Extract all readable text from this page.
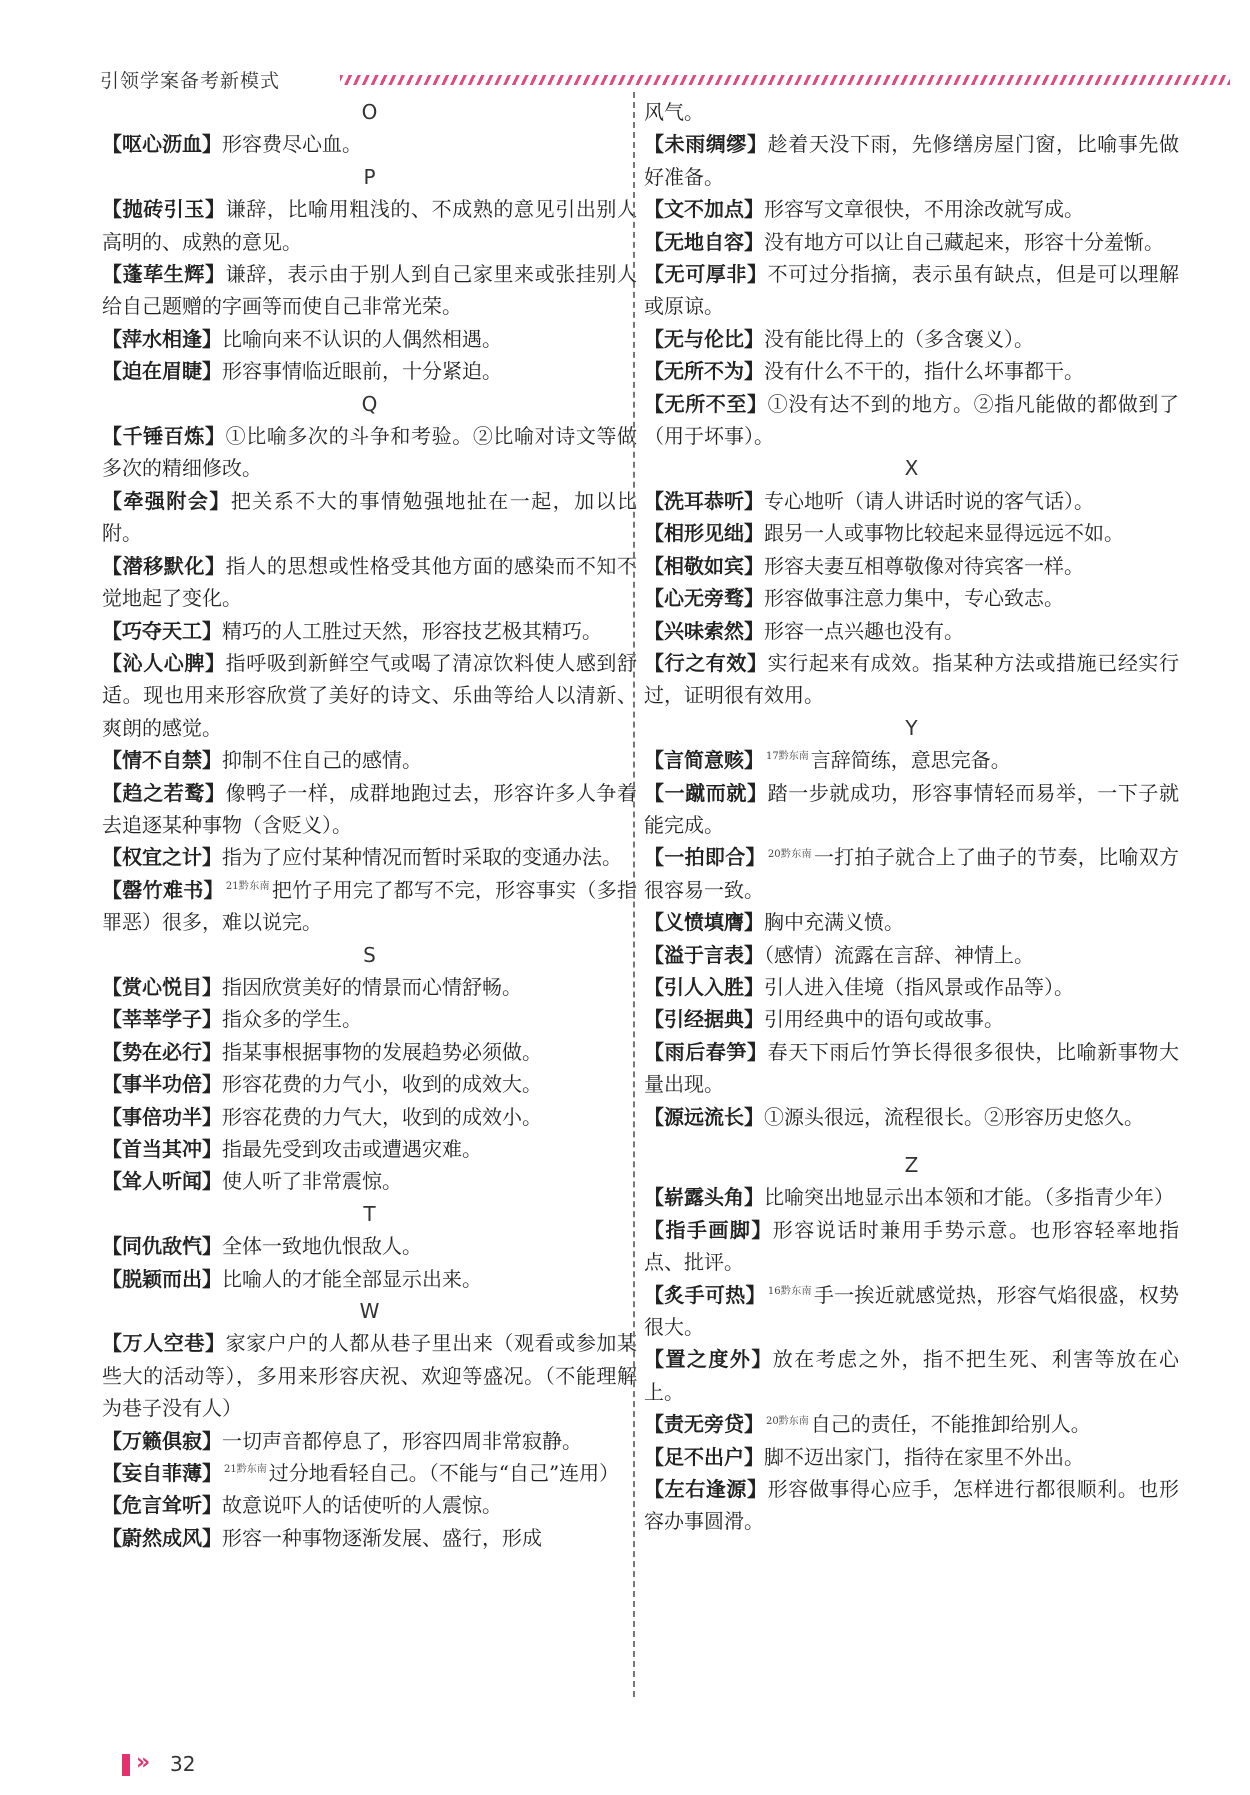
引领学案备考新模式
O

【呕心沥血】形容费尽心血。

P

【抛砖引玉】谦辞，比喻用粗浅的、不成熟的意见引出别人高明的、成熟的意见。

【蓬荜生辉】谦辞，表示由于别人到自己家里来或张挂别人给自己题赠的字画等而使自己非常光荣。

【萍水相逢】比喻向来不认识的人偶然相遇。

【迫在眉睫】形容事情临近眼前，十分紧迫。

Q

【千锤百炼】①比喻多次的斗争和考验。②比喻对诗文等做多次的精细修改。

【牵强附会】把关系不大的事情勉强地扯在一起，加以比附。

【潜移默化】指人的思想或性格受其他方面的感染而不知不觉地起了变化。

【巧夺天工】精巧的人工胜过天然，形容技艺极其精巧。

【沁人心脾】指呼吸到新鲜空气或喝了清凉饮料使人感到舒适。现也用来形容欣赏了美好的诗文、乐曲等给人以清新、爽朗的感觉。

【情不自禁】抑制不住自己的感情。

【趋之若鹜】像鸭子一样，成群地跑过去，形容许多人争着去追逐某种事物（含贬义）。

【权宜之计】指为了应付某种情况而暂时采取的变通办法。

【罄竹难书】 $^{21黔东南}$ 把竹子用完了都写不完，形容事实（多指罪恶）很多，难以说完。

S

【赏心悦目】指因欣赏美好的情景而心情舒畅。

【莘莘学子】指众多的学生。

【势在必行】指某事根据事物的发展趋势必须做。

【事半功倍】形容花费的力气小，收到的成效大。

【事倍功半】形容花费的力气大，收到的成效小。

【首当其冲】指最先受到攻击或遭遇灾难。

【耸人听闻】使人听了非常震惊。

T

【同仇敌忾】全体一致地仇恨敌人。

【脱颖而出】比喻人的才能全部显示出来。

W

【万人空巷】家家户户的人都从巷子里出来（观看或参加某些大的活动等），多用来形容庆祝、欢迎等盛况。（不能理解为巷子没有人）

【万籁俱寂】一切声音都停息了，形容四周非常寂静。

【妄自菲薄】 $^{21黔东南}$ 过分地看轻自己。（不能与“自己”连用）

【危言耸听】故意说吓人的话使听的人震惊。

【蔚然成风】形容一种事物逐渐发展、盛行，形成

风气。

【未雨绸缪】趁着天没下雨，先修缮房屋门窗，比喻事先做好准备。

【文不加点】形容写文章很快，不用涂改就写成。

【无地自容】没有地方可以让自己藏起来，形容十分羞惭。

【无可厚非】不可过分指摘，表示虽有缺点，但是可以理解或原谅。

【无与伦比】没有能比得上的（多含褒义）。

【无所不为】没有什么不干的，指什么坏事都干。

【无所不至】①没有达不到的地方。②指凡能做的都做到了（用于坏事）。

X

【洗耳恭听】专心地听（请人讲话时说的客气话）。

【相形见绌】跟另一人或事物比较起来显得远远不如。

【相敬如宾】形容夫妻互相尊敬像对待宾客一样。

【心无旁骛】形容做事注意力集中，专心致志。

【兴味索然】形容一点兴趣也没有。

【行之有效】实行起来有成效。指某种方法或措施已经实行过，证明很有效用。

Y

【言简意赅】 $^{17黔东南}$ 言辞简练，意思完备。

【一蹴而就】踏一步就成功，形容事情轻而易举，一下子就能完成。

【一拍即合】 $^{20黔东南}$ 一打拍子就合上了曲子的节奏，比喻双方很容易一致。

【义愤填膺】胸中充满义愤。

【溢于言表】（感情）流露在言辞、神情上。

【引人入胜】引人进入佳境（指风景或作品等）。

【引经据典】引用经典中的语句或故事。

【雨后春笋】春天下雨后竹笋长得很多很快，比喻新事物大量出现。

【源远流长】①源头很远，流程很长。②形容历史悠久。

Z

【崭露头角】比喻突出地显示出本领和才能。（多指青少年）

【指手画脚】形容说话时兼用手势示意。也形容轻率地指点、批评。

【炙手可热】 $^{16黔东南}$ 手一挨近就感觉热，形容气焰很盛，权势很大。

【置之度外】放在考虑之外，指不把生死、利害等放在心上。

【责无旁贷】 $^{20黔东南}$ 自己的责任，不能推卸给别人。

【足不出户】脚不迈出家门，指待在家里不外出。

【左右逢源】形容做事得心应手，怎样进行都很顺利。也形容办事圆滑。

» 32
